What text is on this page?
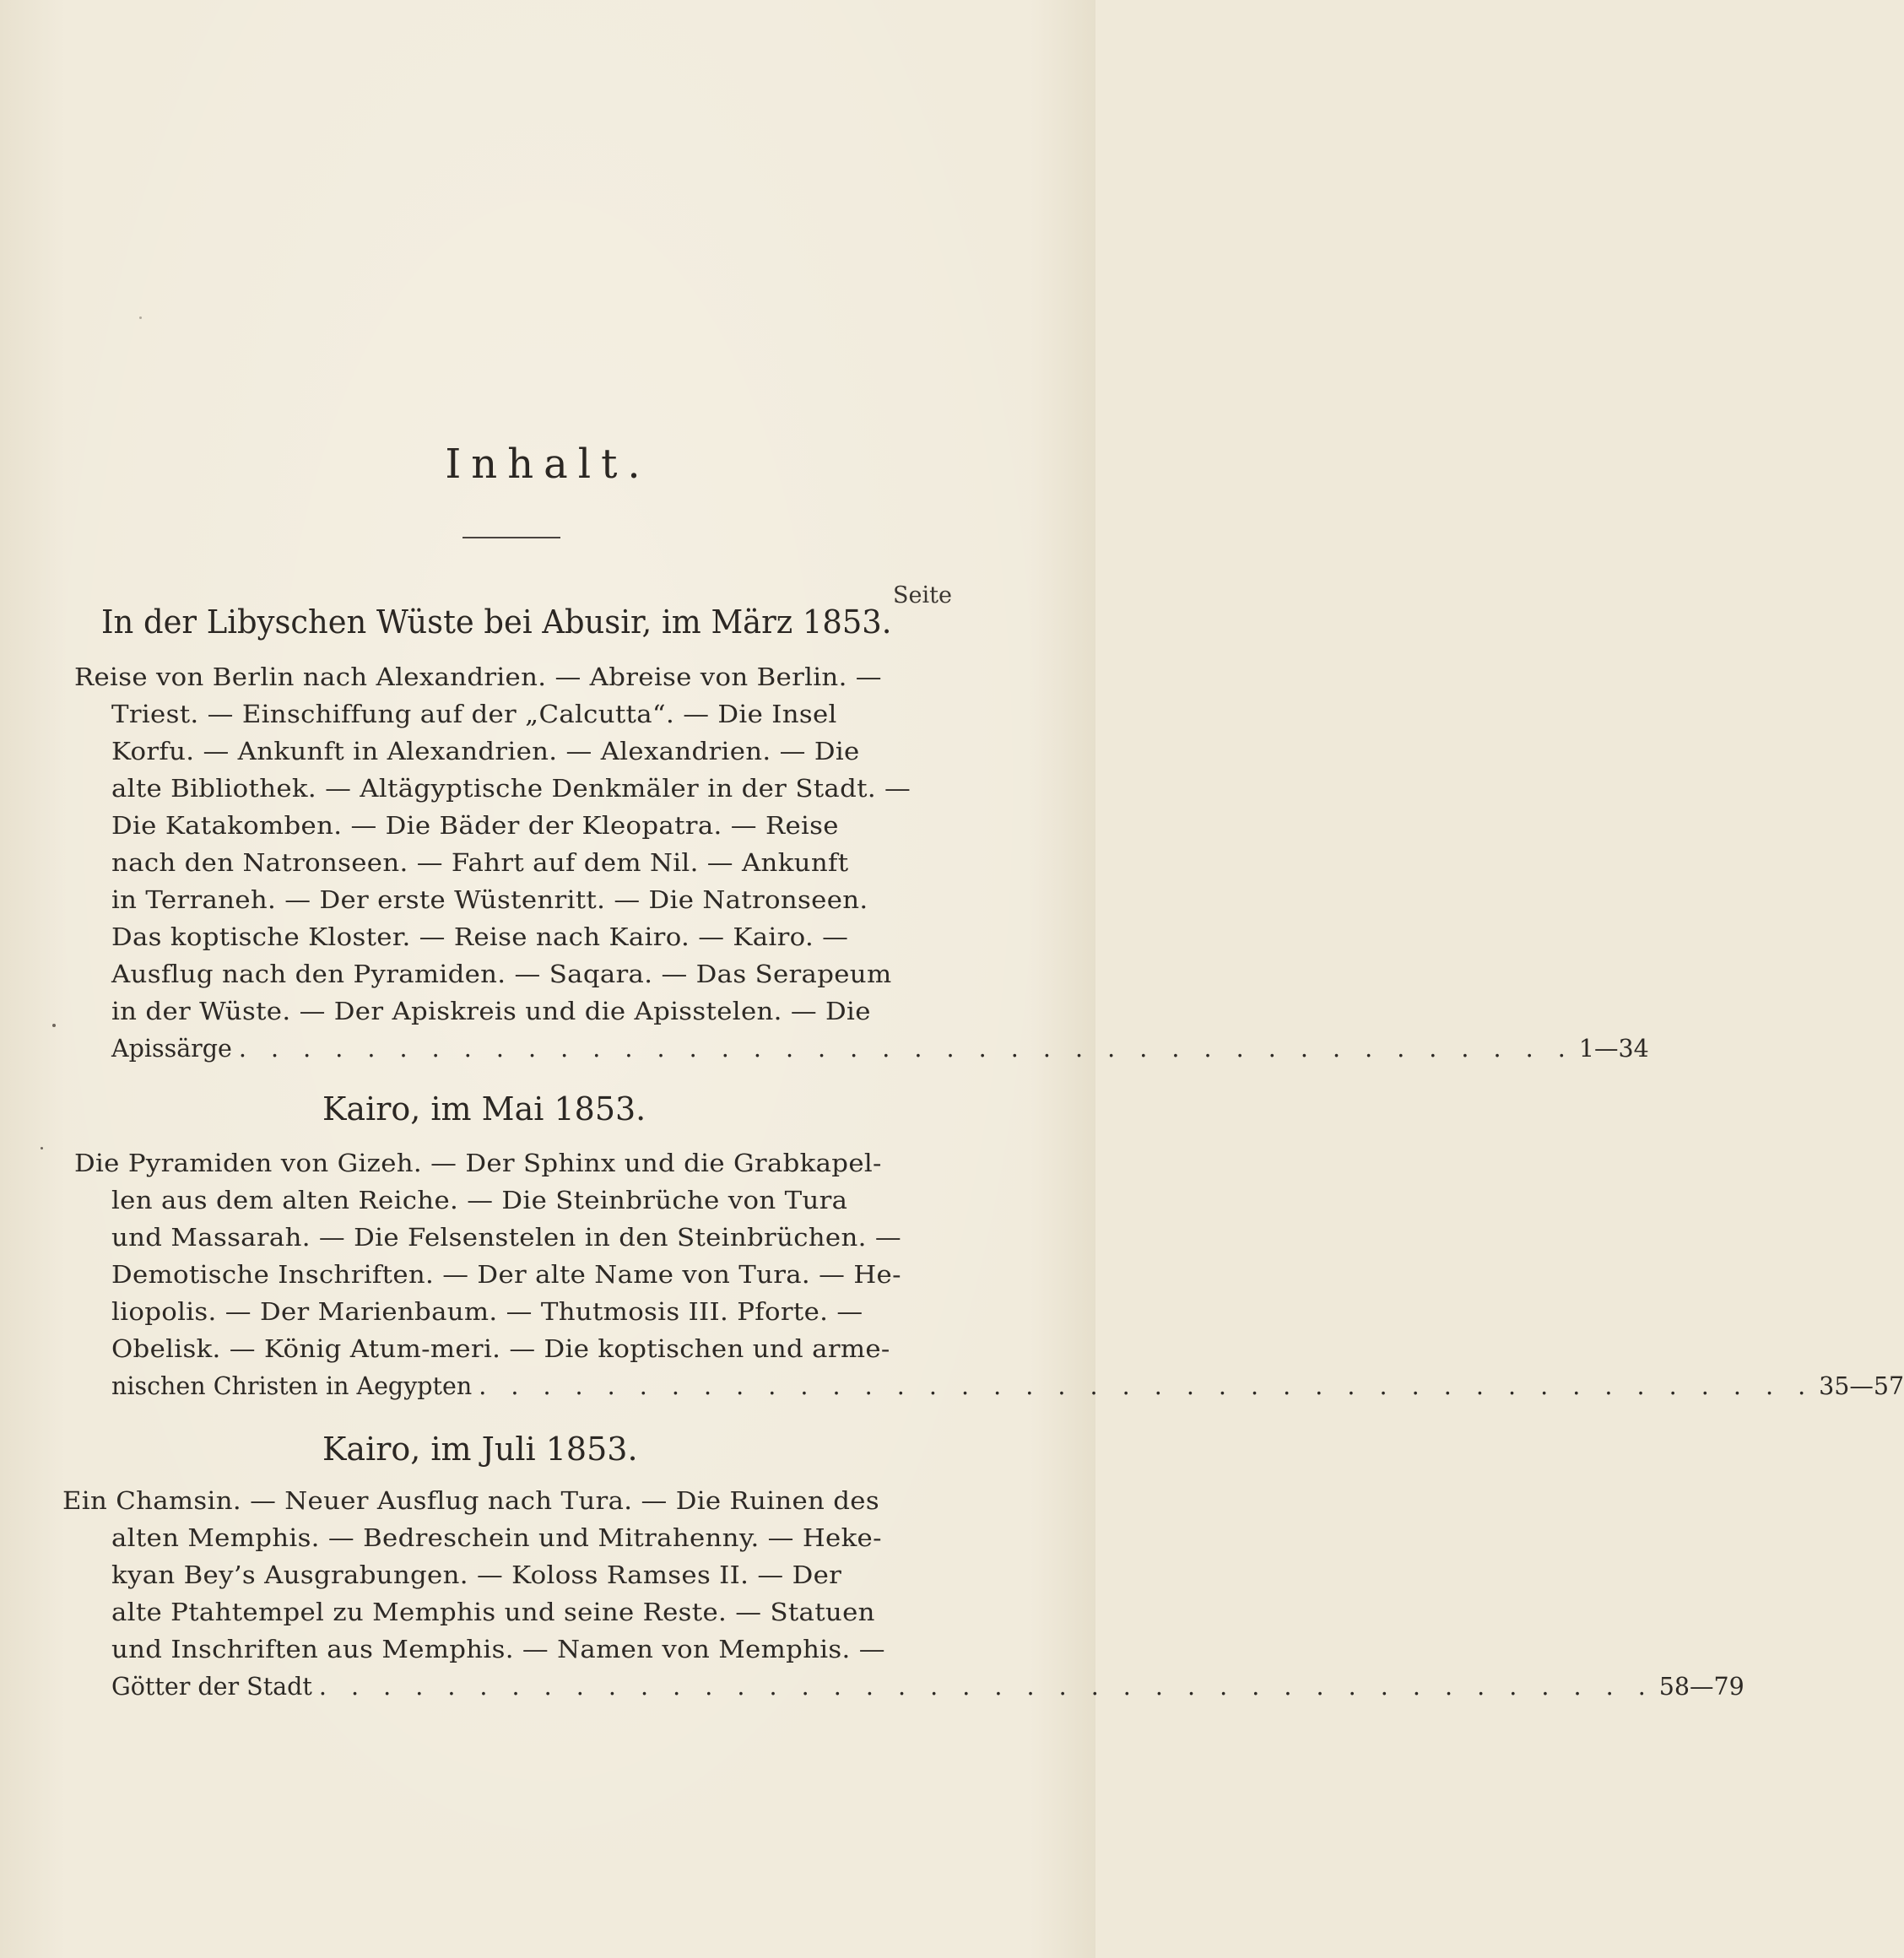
Inhalt.
Seite
In der Libyschen Wüste bei Abusir, im März 1853.
Reise von Berlin nach Alexandrien. — Abreise von Berlin. —
Triest. — Einschiffung auf der „Calcutta“. — Die Insel
Korfu. — Ankunft in Alexandrien. — Alexandrien. — Die
alte Bibliothek. — Altägyptische Denkmäler in der Stadt. —
Die Katakomben. — Die Bäder der Kleopatra. — Reise
nach den Natronseen. — Fahrt auf dem Nil. — Ankunft
in Terraneh. — Der erste Wüstenritt. — Die Natronseen.
Das koptische Kloster. — Reise nach Kairo. — Kairo. —
Ausflug nach den Pyramiden. — Saqara. — Das Serapeum
in der Wüste. — Der Apiskreis und die Apisstelen. — Die
Apissärge . . . . . . . . . . . . . . . . . . . . . . . . . . . . . . . . . . . . . . . . . . 1—34
Kairo, im Mai 1853.
Die Pyramiden von Gizeh. — Der Sphinx und die Grabkapel-
len aus dem alten Reiche. — Die Steinbrüche von Tura
und Massarah. — Die Felsenstelen in den Steinbrüchen. —
Demotische Inschriften. — Der alte Name von Tura. — He-
liopolis. — Der Marienbaum. — Thutmosis III. Pforte. —
Obelisk. — König Atum-meri. — Die koptischen und arme-
nischen Christen in Aegypten . . . . . . . . . . . . . . . . . . . . . . . . . . . . . . . . . . . . . . . . . . 35—57
Kairo, im Juli 1853.
Ein Chamsin. — Neuer Ausflug nach Tura. — Die Ruinen des
alten Memphis. — Bedreschein und Mitrahenny. — Heke-
kyan Bey’s Ausgrabungen. — Koloss Ramses II. — Der
alte Ptahtempel zu Memphis und seine Reste. — Statuen
und Inschriften aus Memphis. — Namen von Memphis. —
Götter der Stadt . . . . . . . . . . . . . . . . . . . . . . . . . . . . . . . . . . . . . . . . . . 58—79
